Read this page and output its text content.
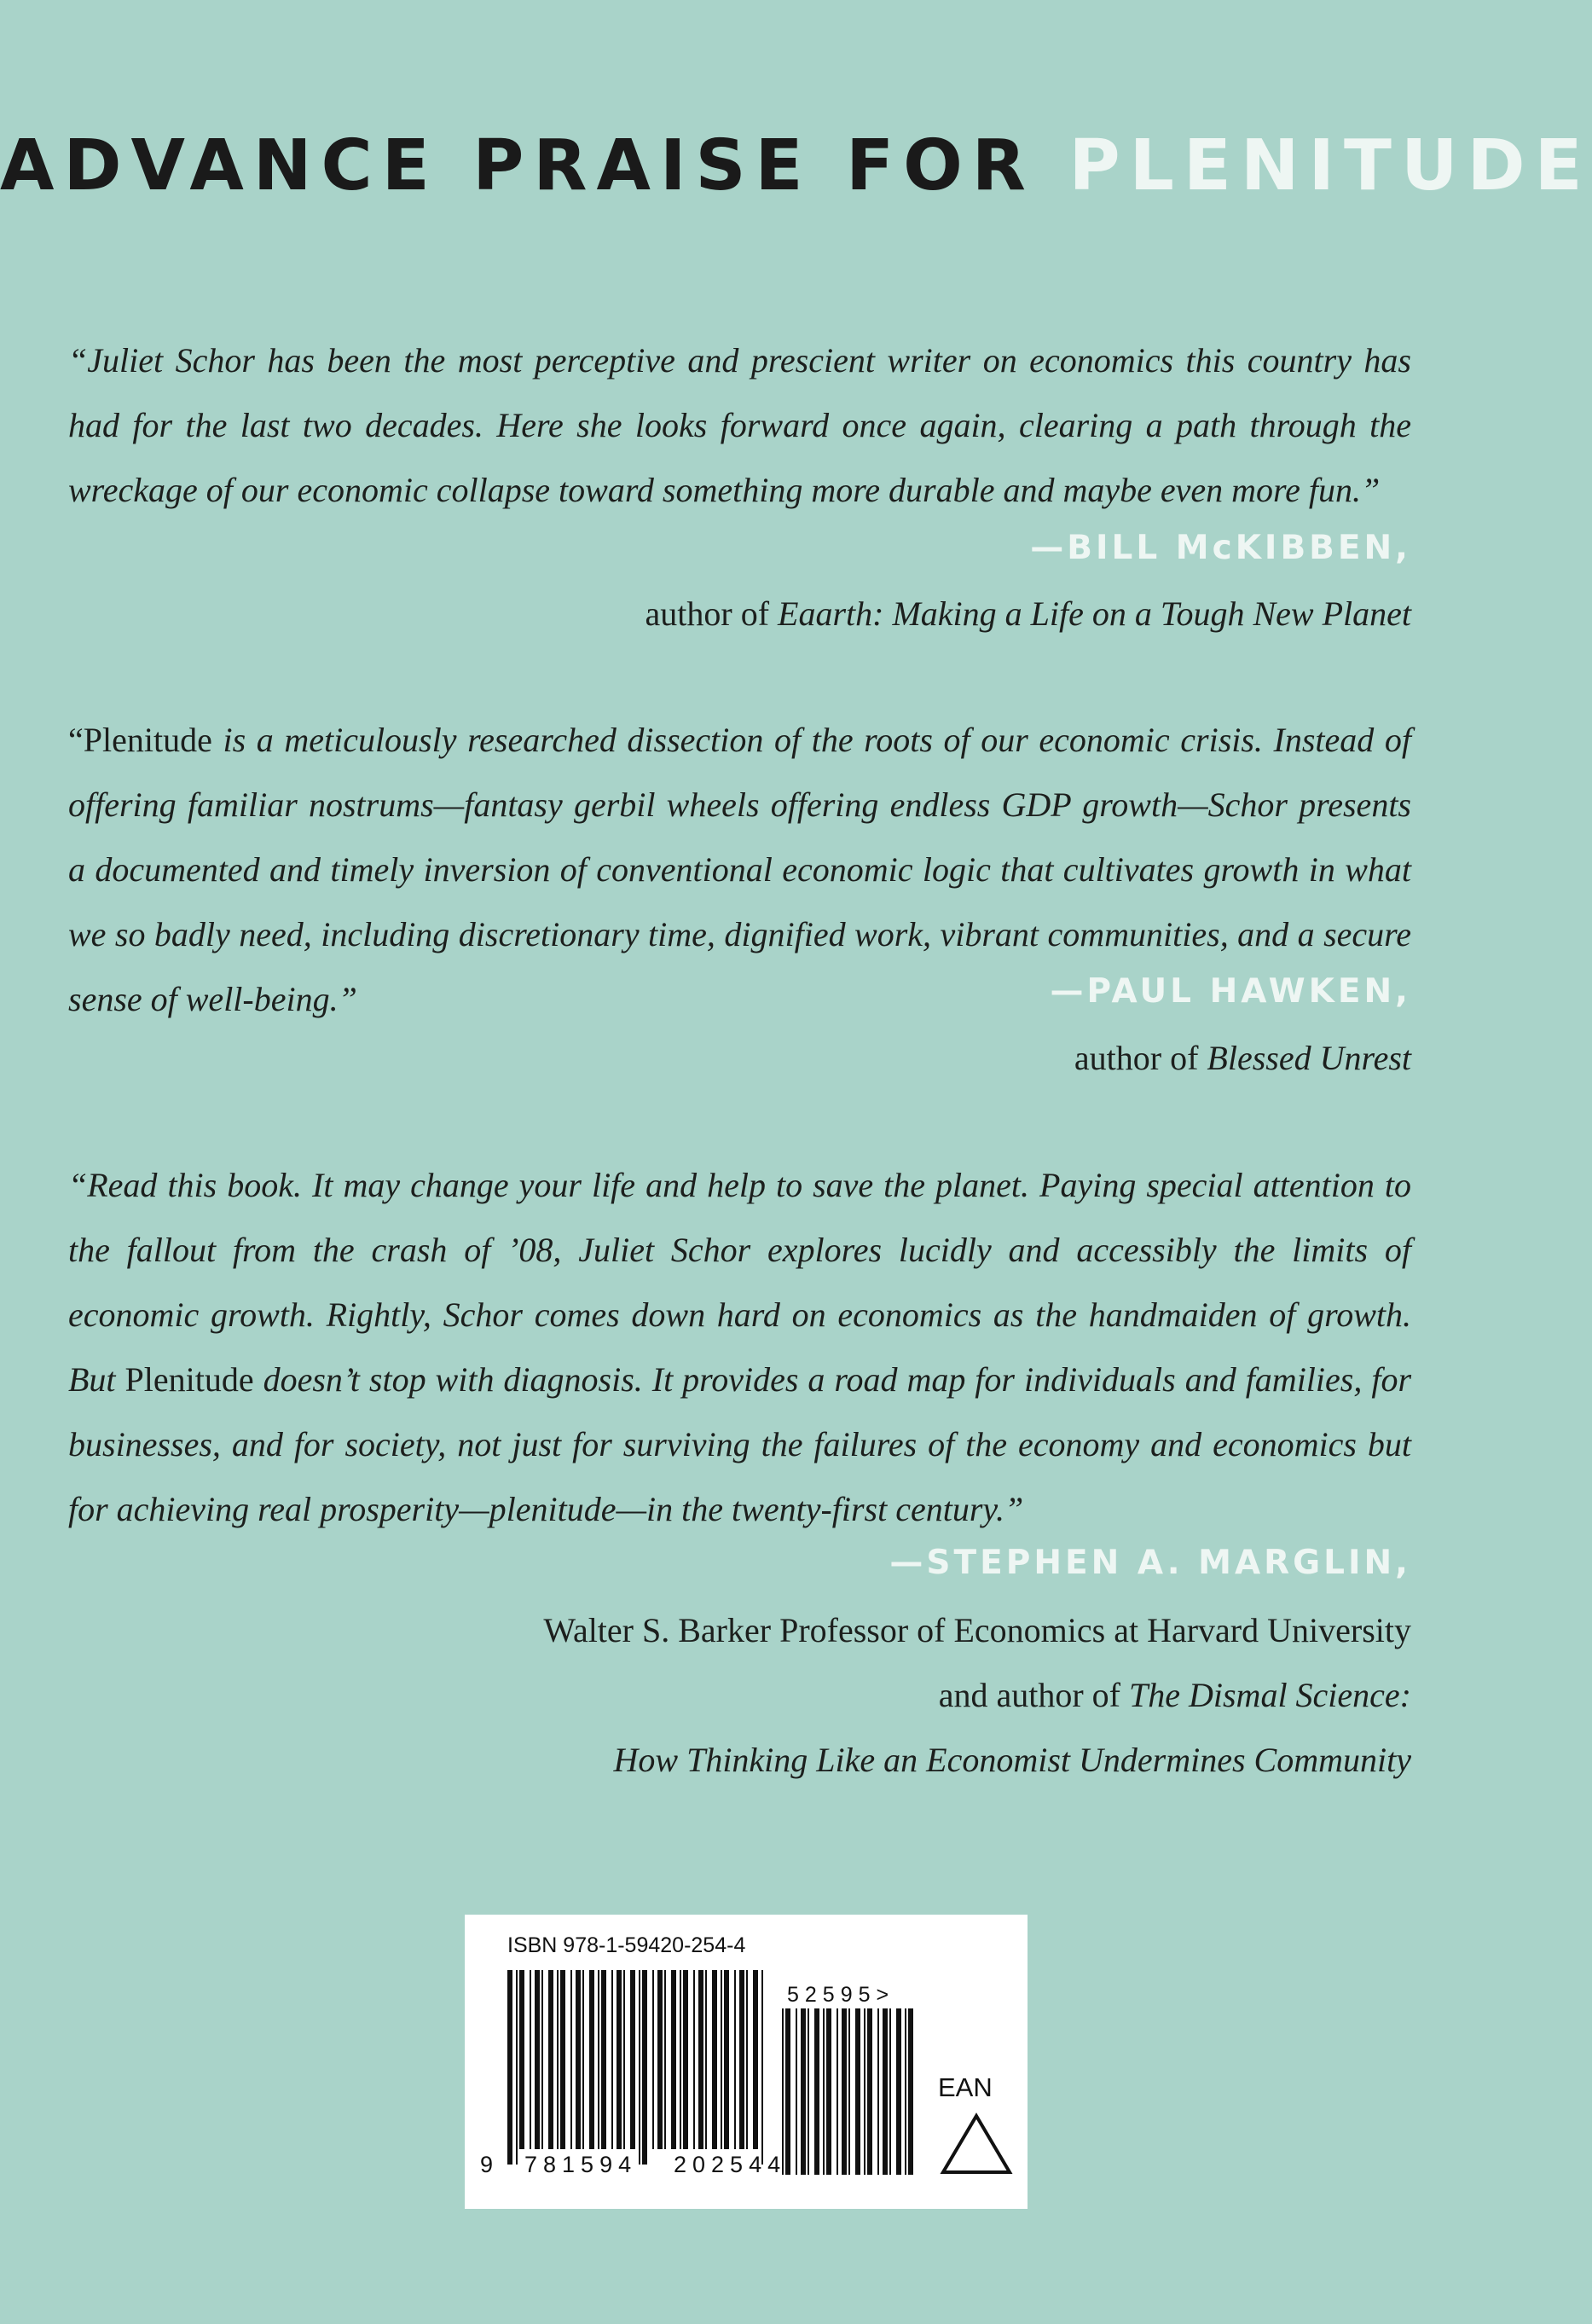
ADVANCE PRAISE FOR PLENITUDE
“Juliet Schor has been the most perceptive and prescient writer on economics this country has had for the last two decades. Here she looks forward once again, clearing a path through the wreckage of our economic collapse toward something more durable and maybe even more fun.”
—BILL McKIBBEN,
author of Eaarth: Making a Life on a Tough New Planet
“Plenitude is a meticulously researched dissection of the roots of our economic crisis. Instead of offering familiar nostrums—fantasy gerbil wheels offering endless GDP growth—Schor presents a documented and timely inversion of conventional economic logic that cultivates growth in what we so badly need, including discretionary time, dignified work, vibrant communities, and a secure sense of well-being.”	—PAUL HAWKEN,
author of Blessed Unrest
“Read this book. It may change your life and help to save the planet. Paying special attention to the fallout from the crash of ’08, Juliet Schor explores lucidly and accessibly the limits of economic growth. Rightly, Schor comes down hard on economics as the handmaiden of growth. But Plenitude doesn’t stop with diagnosis. It provides a road map for individuals and families, for businesses, and for society, not just for surviving the failures of the economy and economics but for achieving real prosperity—plenitude—in the twenty-first century.”
—STEPHEN A. MARGLIN,
Walter S. Barker Professor of Economics at Harvard University
and author of The Dismal Science:
How Thinking Like an Economist Undermines Community
ISBN 978-1-59420-254-4
52595>
EAN
9 781594 202544
